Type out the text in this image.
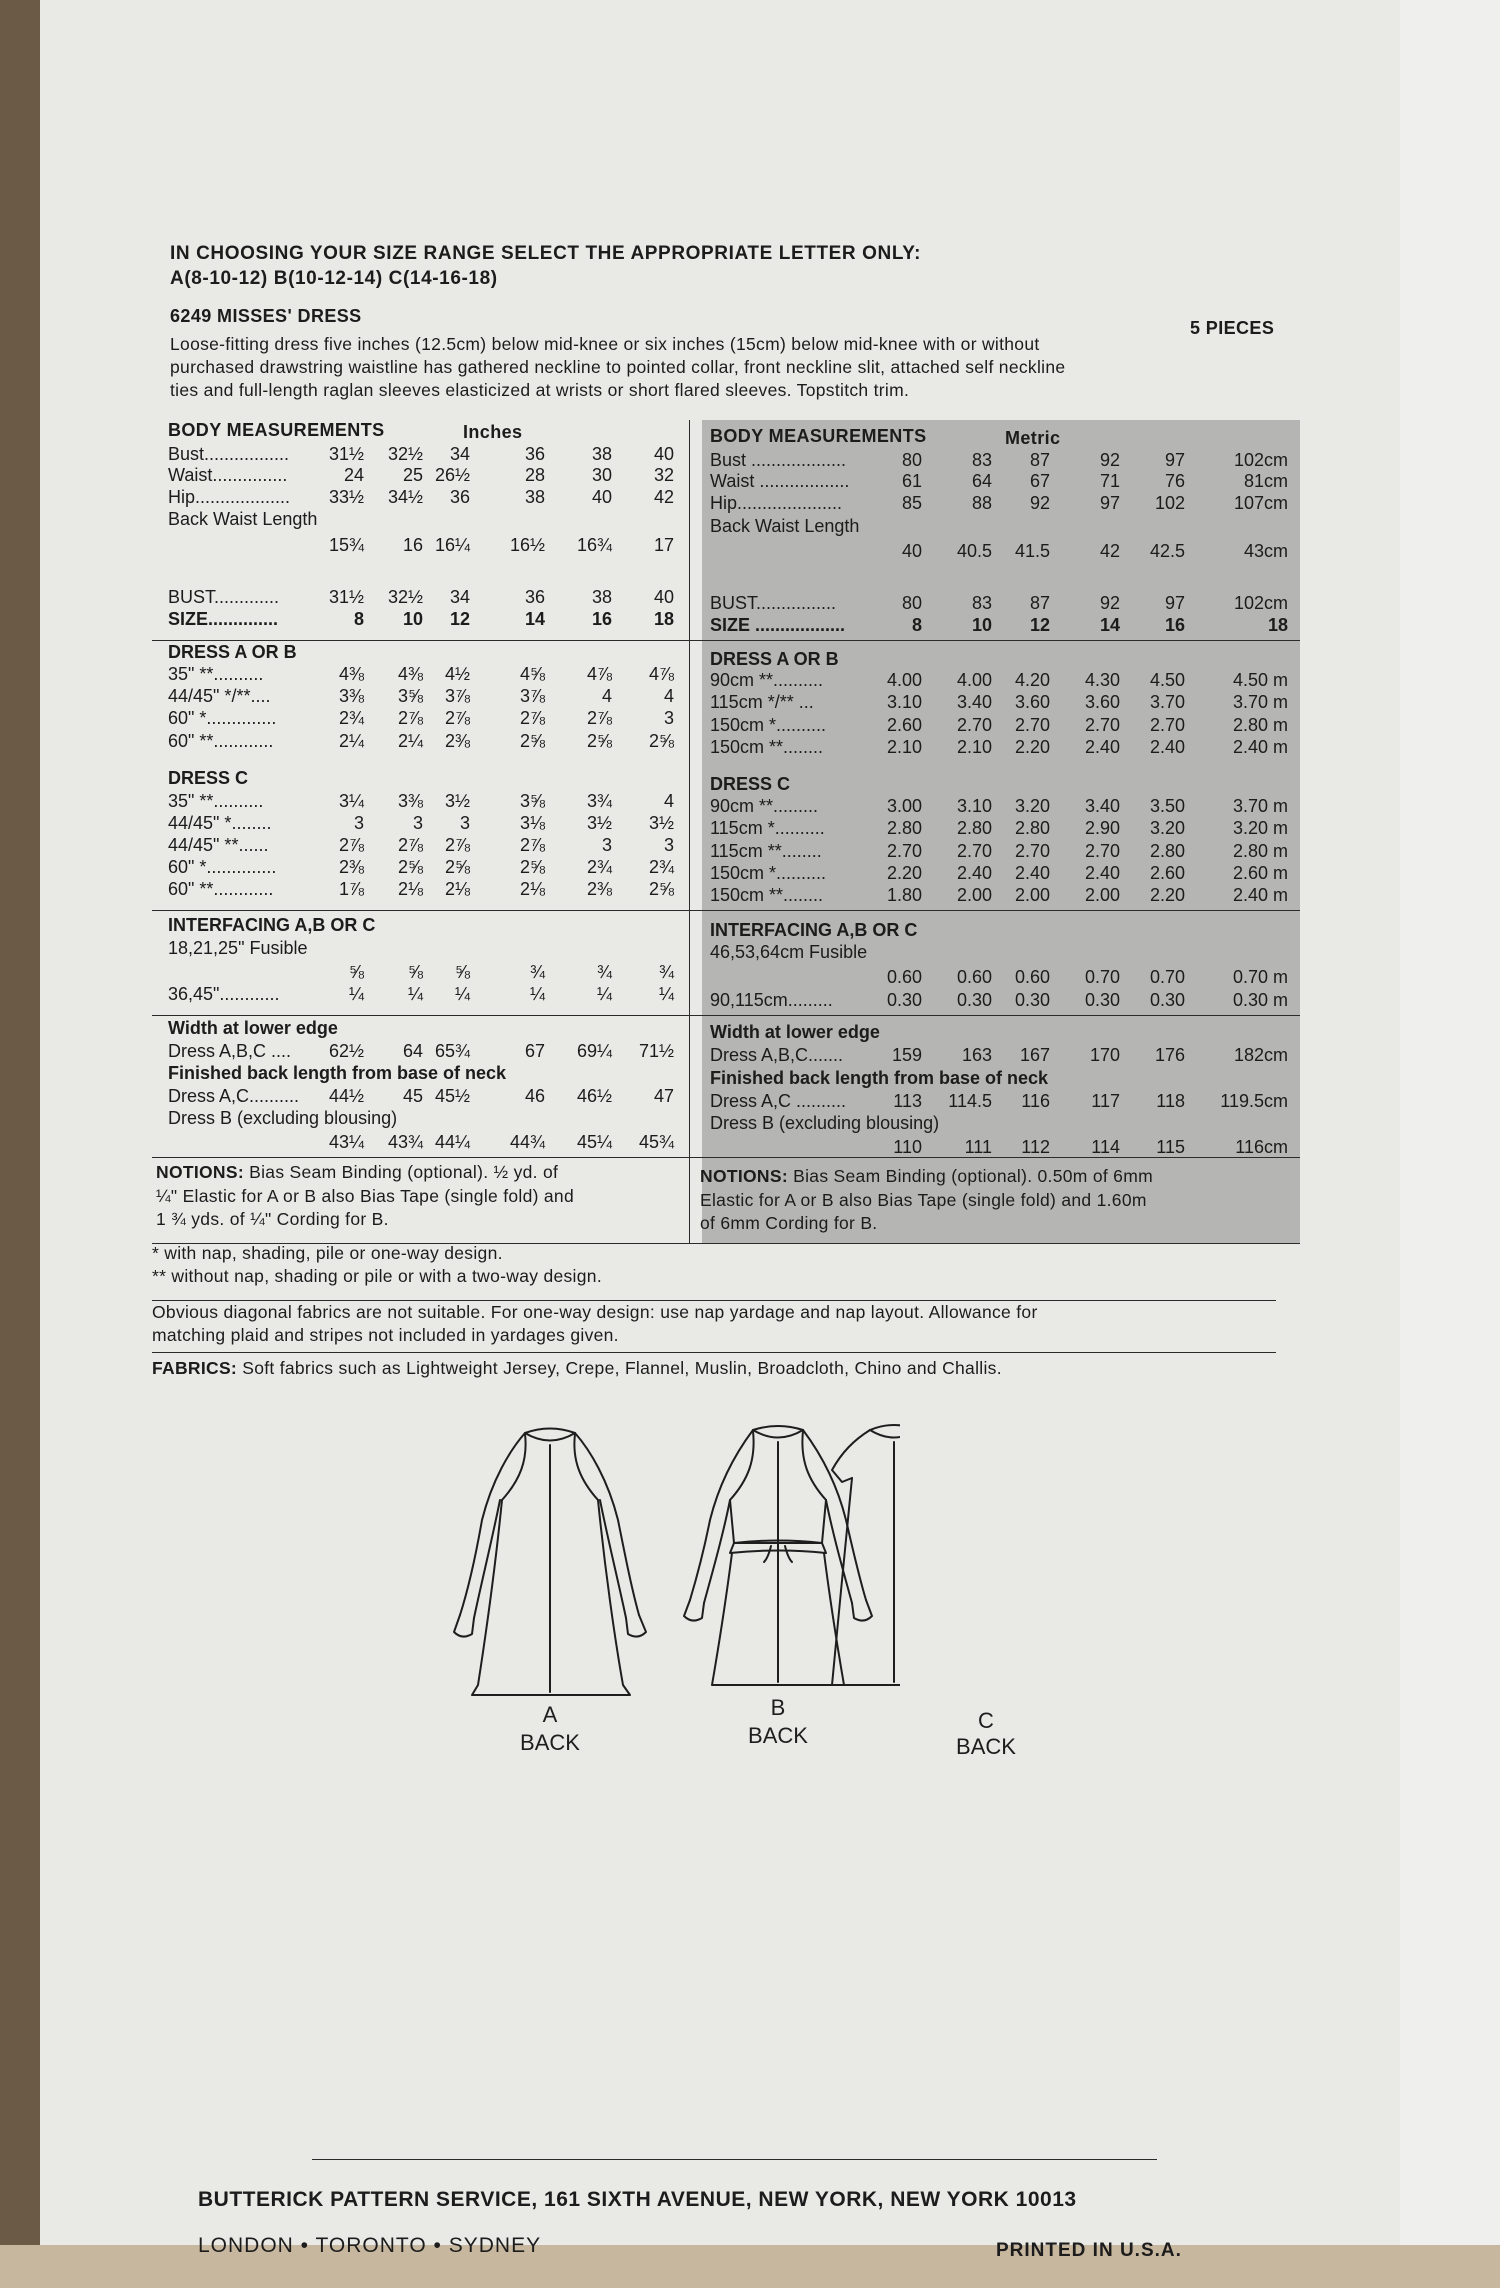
IN CHOOSING YOUR SIZE RANGE SELECT THE APPROPRIATE LETTER ONLY:
A(8-10-12) B(10-12-14) C(14-16-18)
6249 MISSES' DRESS
5 PIECES
Loose-fitting dress five inches (12.5cm) below mid-knee or six inches (15cm) below mid-knee with or without
purchased drawstring waistline has gathered neckline to pointed collar, front neckline slit, attached self neckline
ties and full-length raglan sleeves elasticized at wrists or short flared sleeves. Topstitch trim.
BODY MEASUREMENTS	Inches
Bust.................	31½	32½	34	36	38	40
Waist...............	24	25 26½	28	30	32
Hip...................	33½	34½	36	38	40	42
Back Waist Length
15¾	16 16¼	16½	16¾	17
BUST.............	31½	32½	34	36	38	40
SIZE..............	8	10	12	14	16	18
DRESS A OR B
35" **..........	4⅜	4⅜	4½	4⅝	4⅞	4⅞
44/45" */**....	3⅜	3⅝	3⅞	3⅞	4	4
60" *..............	2¾	2⅞	2⅞	2⅞	2⅞	3
60" **............	2¼	2¼	2⅜	2⅝	2⅝	2⅝
DRESS C
35" **..........	3¼	3⅜	3½	3⅝	3¾	4
44/45" *........	3	3	3	3⅛	3½	3½
44/45" **......	2⅞	2⅞	2⅞	2⅞	3	3
60" *..............	2⅜	2⅝	2⅝	2⅝	2¾	2¾
60" **............	1⅞	2⅛	2⅛	2⅛	2⅜	2⅝
INTERFACING A,B OR C
18,21,25" Fusible
⅝	⅝	⅝	¾	¾	¾
36,45"............	¼	¼	¼	¼	¼	¼
Width at lower edge
Dress A,B,C ....	62½	64 65¾	67	69¼	71½
Finished back length from base of neck
Dress A,C..........	44½	45 45½	46	46½	47
Dress B (excluding blousing)
43¼	43¾ 44¼	44¾	45¼	45¾
BODY MEASUREMENTS	Metric
Bust ...................	80	83	87	92	97	102cm
Waist ..................	61	64	67	71	76	81cm
Hip.....................	85	88	92	97	102	107cm
Back Waist Length
40	40.5	41.5	42	42.5	43cm
BUST................	80	83	87	92	97	102cm
SIZE ..................	8	10	12	14	16	18
DRESS A OR B
90cm **..........	4.00	4.00	4.20	4.30	4.50	4.50 m
115cm */** ...	3.10	3.40	3.60	3.60	3.70	3.70 m
150cm *..........	2.60	2.70	2.70	2.70	2.70	2.80 m
150cm **........	2.10	2.10	2.20	2.40	2.40	2.40 m
DRESS C
90cm **.........	3.00	3.10	3.20	3.40	3.50	3.70 m
115cm *..........	2.80	2.80	2.80	2.90	3.20	3.20 m
115cm **........	2.70	2.70	2.70	2.70	2.80	2.80 m
150cm *..........	2.20	2.40	2.40	2.40	2.60	2.60 m
150cm **........	1.80	2.00	2.00	2.00	2.20	2.40 m
INTERFACING A,B OR C
46,53,64cm Fusible
0.60	0.60	0.60	0.70	0.70	0.70 m
90,115cm.........	0.30	0.30	0.30	0.30	0.30	0.30 m
Width at lower edge
Dress A,B,C.......	159	163	167	170	176	182cm
Finished back length from base of neck
Dress A,C ..........	113	114.5	116	117	118 119.5cm
Dress B (excluding blousing)
110	111	112	114	115	116cm
NOTIONS: Bias Seam Binding (optional). ½ yd. of
¼" Elastic for A or B also Bias Tape (single fold) and
1 ¾ yds. of ¼" Cording for B.
NOTIONS: Bias Seam Binding (optional). 0.50m of 6mm
Elastic for A or B also Bias Tape (single fold) and 1.60m
of 6mm Cording for B.
* with nap, shading, pile or one-way design.
** without nap, shading or pile or with a two-way design.
Obvious diagonal fabrics are not suitable. For one-way design: use nap yardage and nap layout. Allowance for
matching plaid and stripes not included in yardages given.
FABRICS: Soft fabrics such as Lightweight Jersey, Crepe, Flannel, Muslin, Broadcloth, Chino and Challis.
A
BACK
B
BACK
C
BACK
BUTTERICK PATTERN SERVICE, 161 SIXTH AVENUE, NEW YORK, NEW YORK 10013
LONDON • TORONTO • SYDNEY	PRINTED IN U.S.A.
